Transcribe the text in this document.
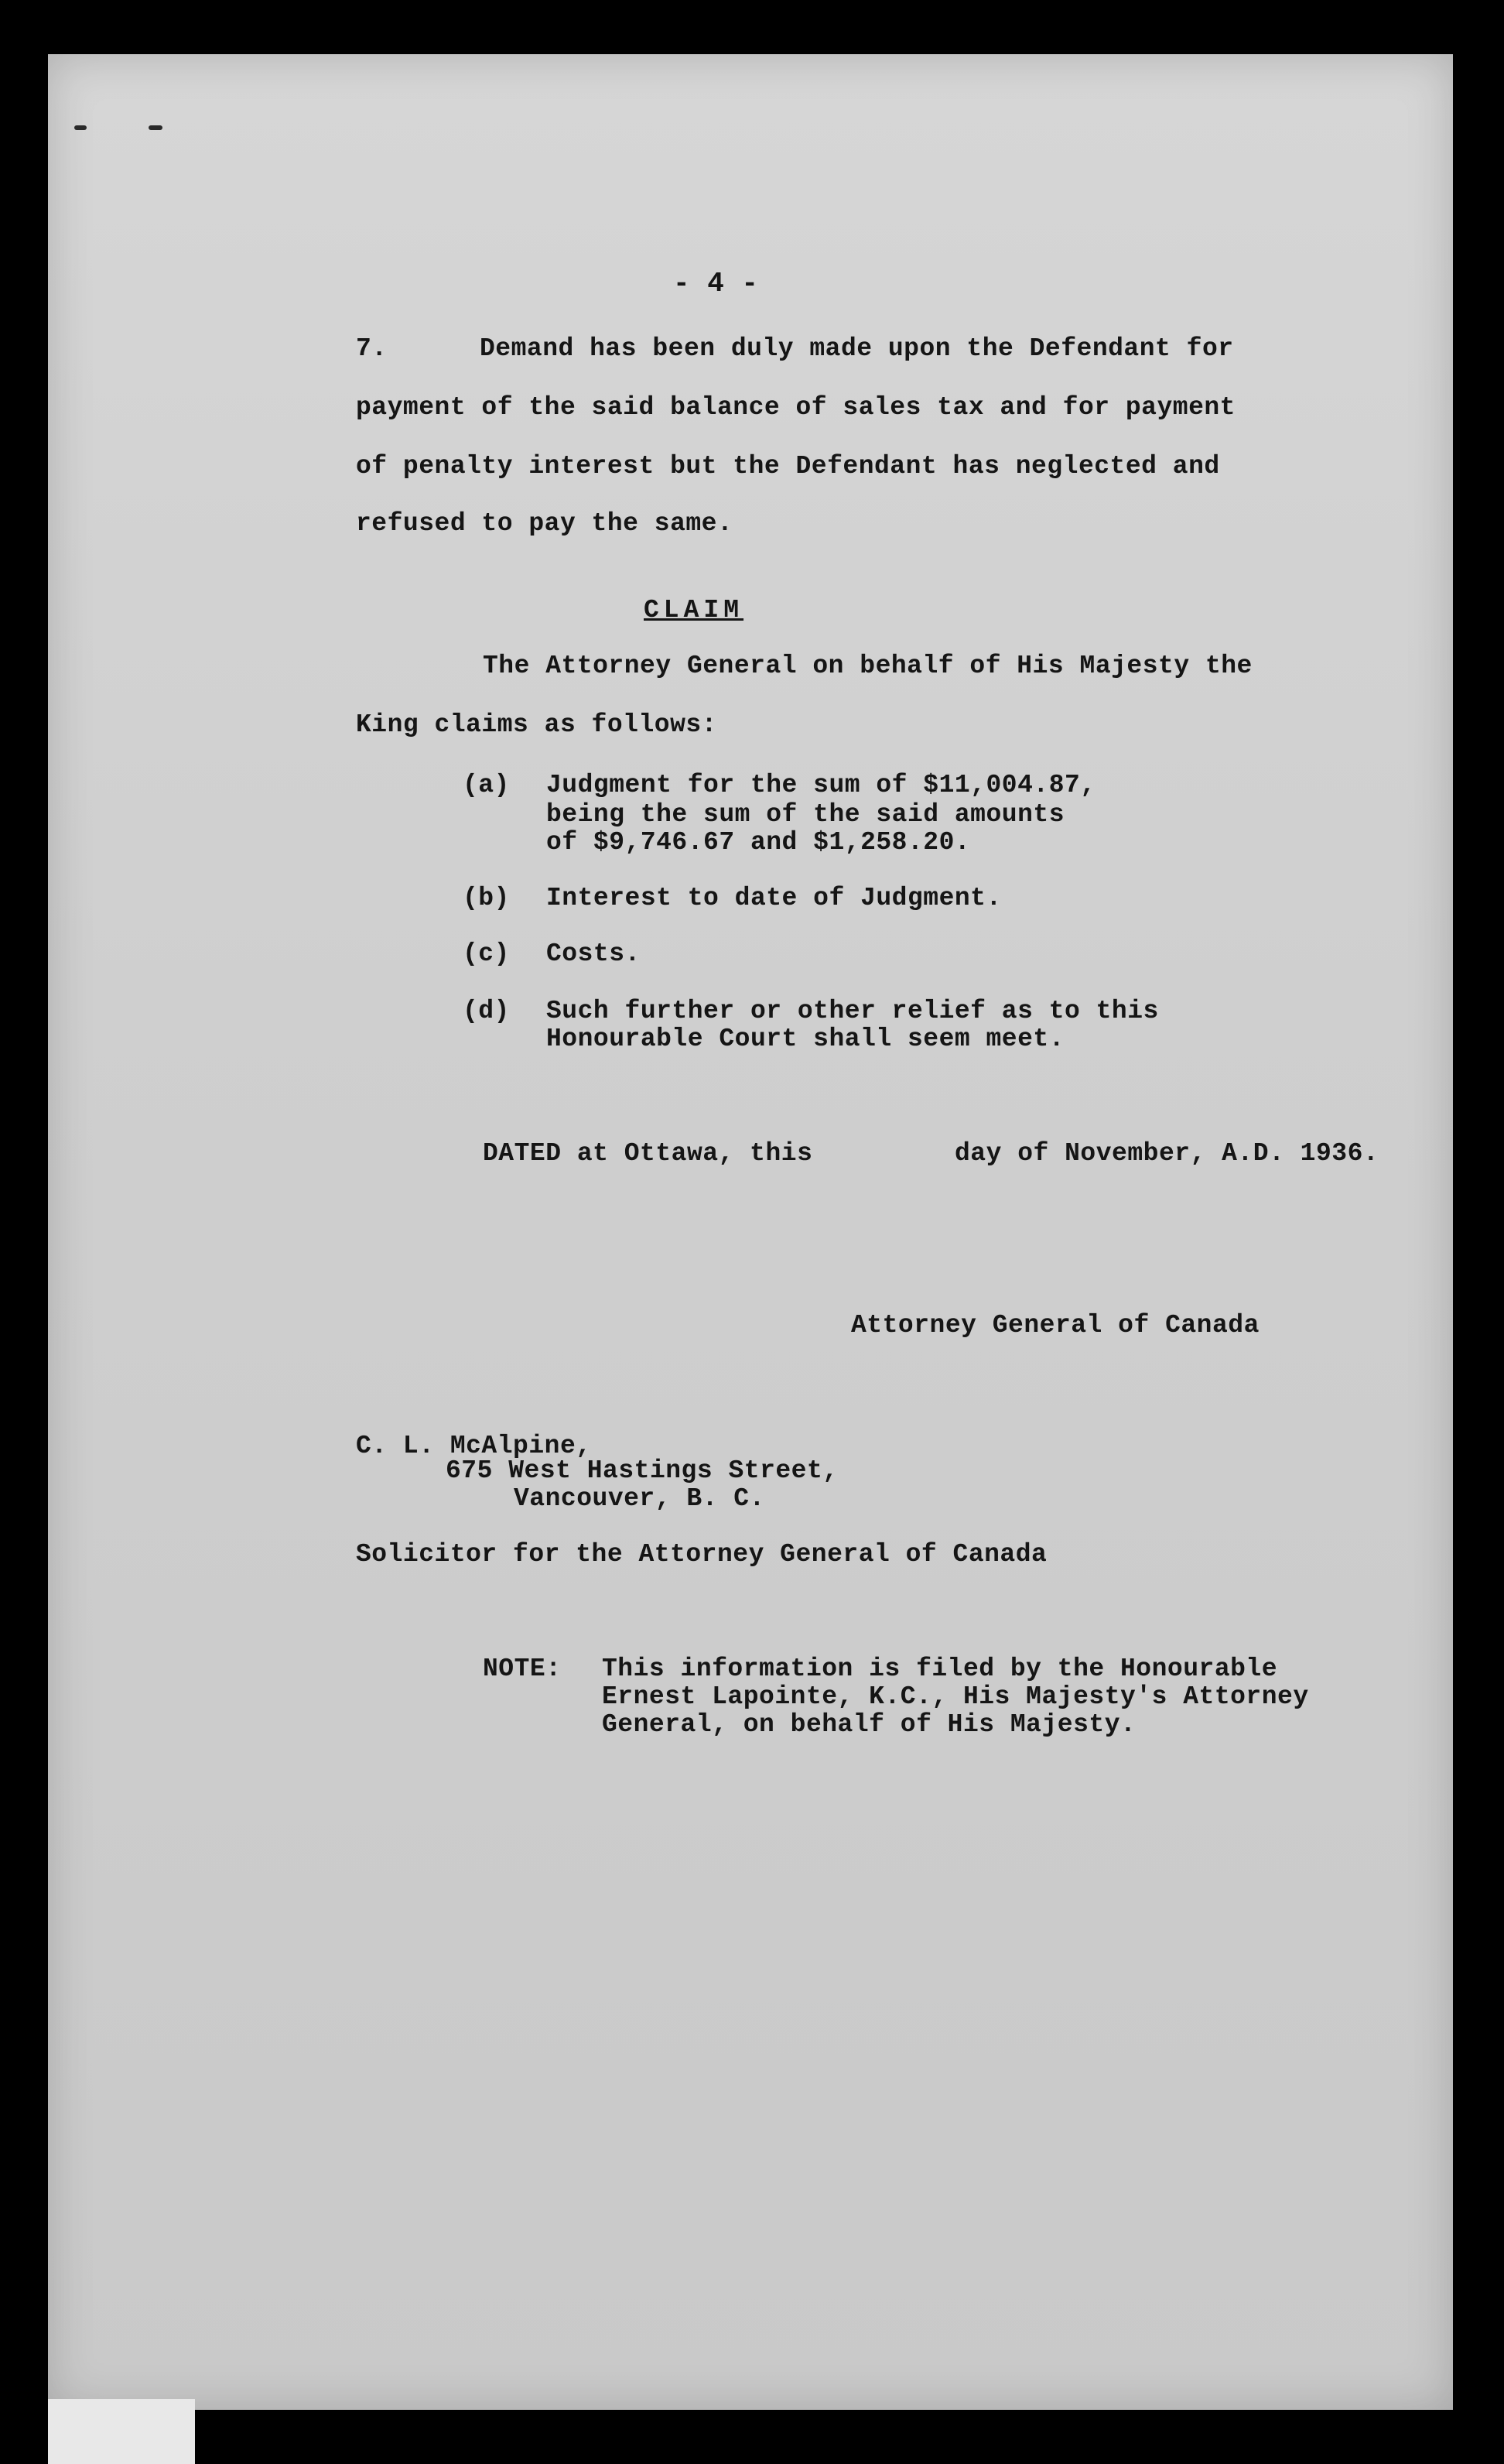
- 4 -
7.	Demand has been duly made upon the Defendant for
payment of the said balance of sales tax and for payment
of penalty interest but the Defendant has neglected and
refused to pay the same.
CLAIM
The Attorney General on behalf of His Majesty the
King claims as follows:
(a) Judgment for the sum of $11,004.87,
being the sum of the said amounts
of $9,746.67 and $1,258.20.
(b) Interest to date of Judgment.
(c) Costs.
(d) Such further or other relief as to this
Honourable Court shall seem meet.
DATED at Ottawa, this	day of November, A.D. 1936.
Attorney General of Canada
C. L. McAlpine,
675 West Hastings Street,
Vancouver, B. C.
Solicitor for the Attorney General of Canada
NOTE: This information is filed by the Honourable
Ernest Lapointe, K.C., His Majesty's Attorney
General, on behalf of His Majesty.
